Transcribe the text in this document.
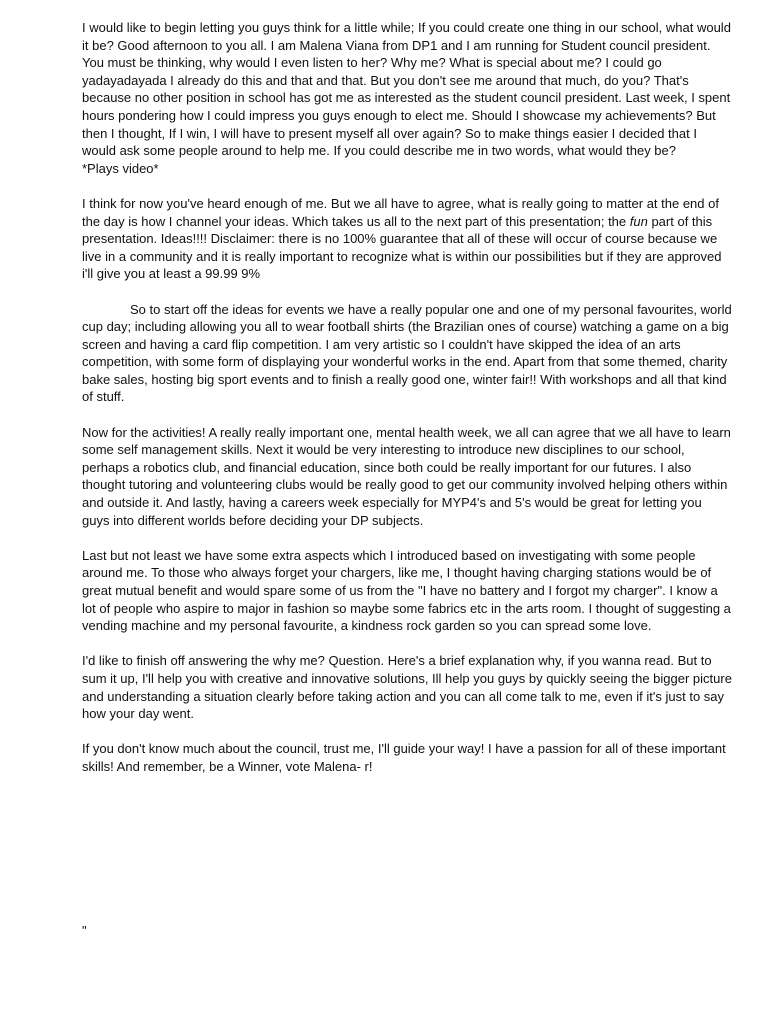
I would like to begin letting you guys think for a little while; If you could create one thing in our school, what would it be? Good afternoon to you all. I am Malena Viana from DP1 and I am running for Student council president. You must be thinking, why would I even listen to her? Why me? What is special about me? I could go yadayadayada I already do this and that and that. But you don't see me around that much, do you? That's because no other position in school has got me as interested as the student council president. Last week, I spent hours pondering how I could impress you guys enough to elect me. Should I showcase my achievements? But then I thought, If I win, I will have to present myself all over again? So to make things easier I decided that I would ask some people around to help me. If you could describe me in two words, what would they be?

*Plays video*

I think for now you've heard enough of me. But we all have to agree, what is really going to matter at the end of the day is how I channel your ideas. Which takes us all to the next part of this presentation; the fun part of this presentation. Ideas!!!! Disclaimer: there is no 100% guarantee that all of these will occur of course because we live in a community and it is really important to recognize what is within our possibilities but if they are approved i'll give you at least a 99.99 9%

So to start off the ideas for events we have a really popular one and one of my personal favourites, world cup day; including allowing you all to wear football shirts (the Brazilian ones of course) watching a game on a big screen and having a card flip competition. I am very artistic so I couldn't have skipped the idea of an arts competition, with some form of displaying your wonderful works in the end. Apart from that some themed, charity bake sales, hosting big sport events and to finish a really good one, winter fair!! With workshops and all that kind of stuff.

Now for the activities! A really really important one, mental health week, we all can agree that we all have to learn some self management skills. Next it would be very interesting to introduce new disciplines to our school, perhaps a robotics club, and financial education, since both could be really important for our futures. I also thought tutoring and volunteering clubs would be really good to get our community involved helping others within and outside it. And lastly, having a careers week especially for MYP4's and 5's would be great for letting you guys into different worlds before deciding your DP subjects.

Last but not least we have some extra aspects which I introduced based on investigating with some people around me. To those who always forget your chargers, like me, I thought having charging stations would be of great mutual benefit and would spare some of us from the "I have no battery and I forgot my charger". I know a lot of people who aspire to major in fashion so maybe some fabrics etc in the arts room. I thought of suggesting a vending machine and my personal favourite, a kindness rock garden so you can spread some love.

I'd like to finish off answering the why me? Question. Here's a brief explanation why, if you wanna read. But to sum it up, I'll help you with creative and innovative solutions, Ill help you guys by quickly seeing the bigger picture and understanding a situation clearly before taking action and you can all come talk to me, even if it's just to say how your day went.

If you don't know much about the council, trust me, I'll guide your way! I have a passion for all of these important skills! And remember, be a Winner, vote Malena- r!

"
